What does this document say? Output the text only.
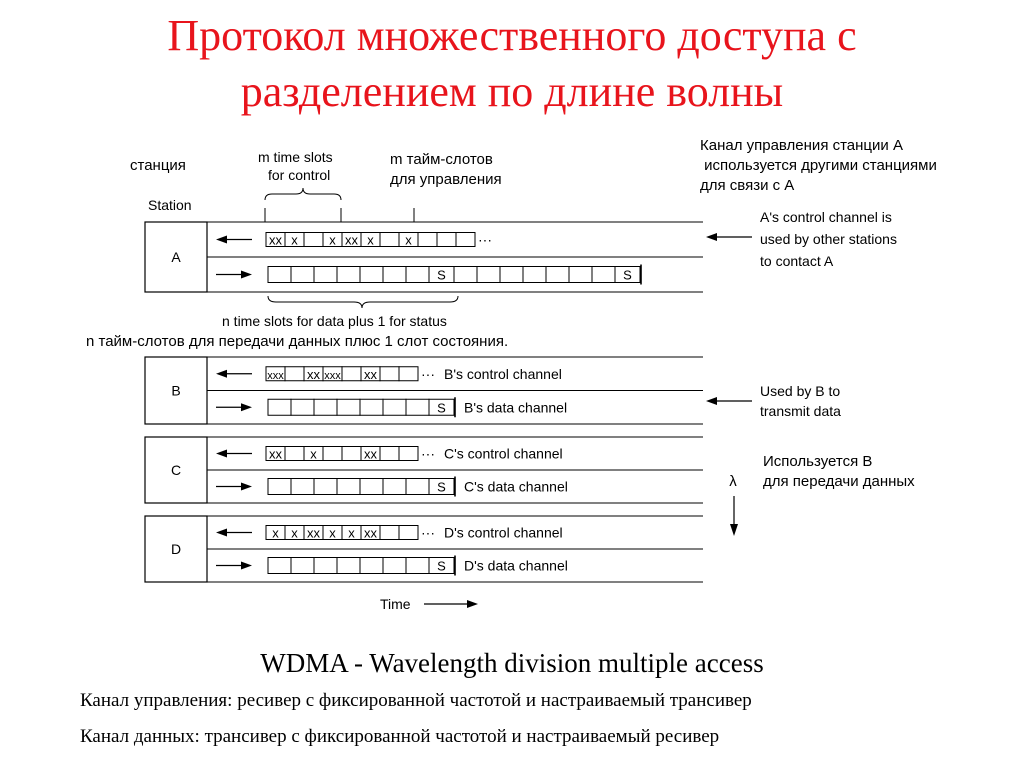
Протокол множественного доступа с
разделением по длине волны
Station
m time slots
for control
A
xx x x xx x x	···
S	S
B
xxx xx xxx xx	··· B's control channel
S B's data channel
C
xx x	xx	··· C's control channel
S C's data channel
D
x x xx x x xx	··· D's control channel
S D's data channel
n time slots for data plus 1 for status
A's control channel is
used by other stations
to contact A
Used by B to
transmit data
λ
Time
станция	m тайм-слотов
для управления
Канал управления станции А
используется другими станциями
для связи с А
n тайм-слотов для передачи данных плюс 1 слот состояния.
Используется В
для передачи данных
WDMA - Wavelength division multiple access
Канал управления: ресивер с фиксированной частотой и настраиваемый трансивер
Канал данных: трансивер с фиксированной частотой и настраиваемый ресивер
